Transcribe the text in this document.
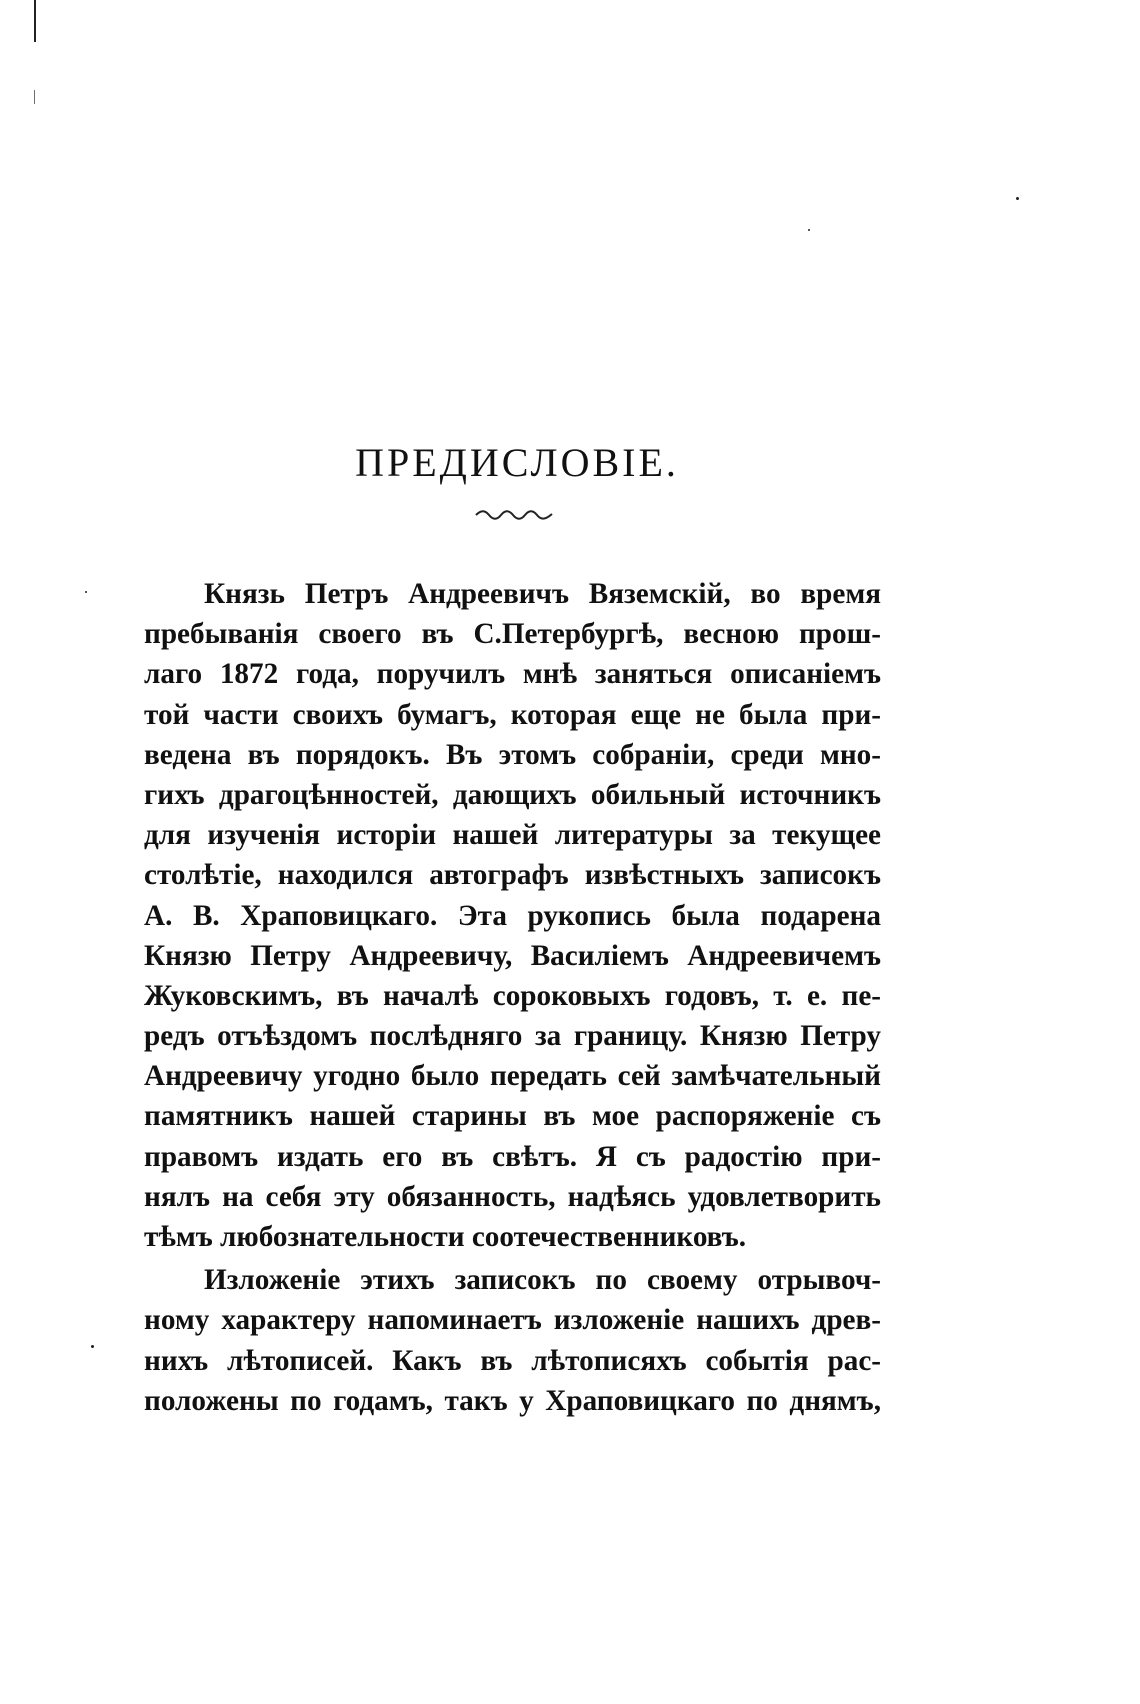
ПРЕДИСЛОВІЕ.
Князь Петръ Андреевичъ Вяземскій, во время
пребыванія своего въ С.Петербургѣ, весною прош-
лаго 1872 года, поручилъ мнѣ заняться описаніемъ
той части своихъ бумагъ, которая еще не была при-
ведена въ порядокъ. Въ этомъ собраніи, среди мно-
гихъ драгоцѣнностей, дающихъ обильный источникъ
для изученія исторіи нашей литературы за текущее
столѣтіе, находился автографъ извѣстныхъ записокъ
А. В. Храповицкаго. Эта рукопись была подарена
Князю Петру Андреевичу, Василіемъ Андреевичемъ
Жуковскимъ, въ началѣ сороковыхъ годовъ, т. е. пе-
редъ отъѣздомъ послѣдняго за границу. Князю Петру
Андреевичу угодно было передать сей замѣчательный
памятникъ нашей старины въ мое распоряженіе съ
правомъ издать его въ свѣтъ. Я съ радостію при-
нялъ на себя эту обязанность, надѣясь удовлетворить
тѣмъ любознательности соотечественниковъ.
Изложеніе этихъ записокъ по своему отрывоч-
ному характеру напоминаетъ изложеніе нашихъ древ-
нихъ лѣтописей. Какъ въ лѣтописяхъ событія рас-
положены по годамъ, такъ у Храповицкаго по днямъ,
